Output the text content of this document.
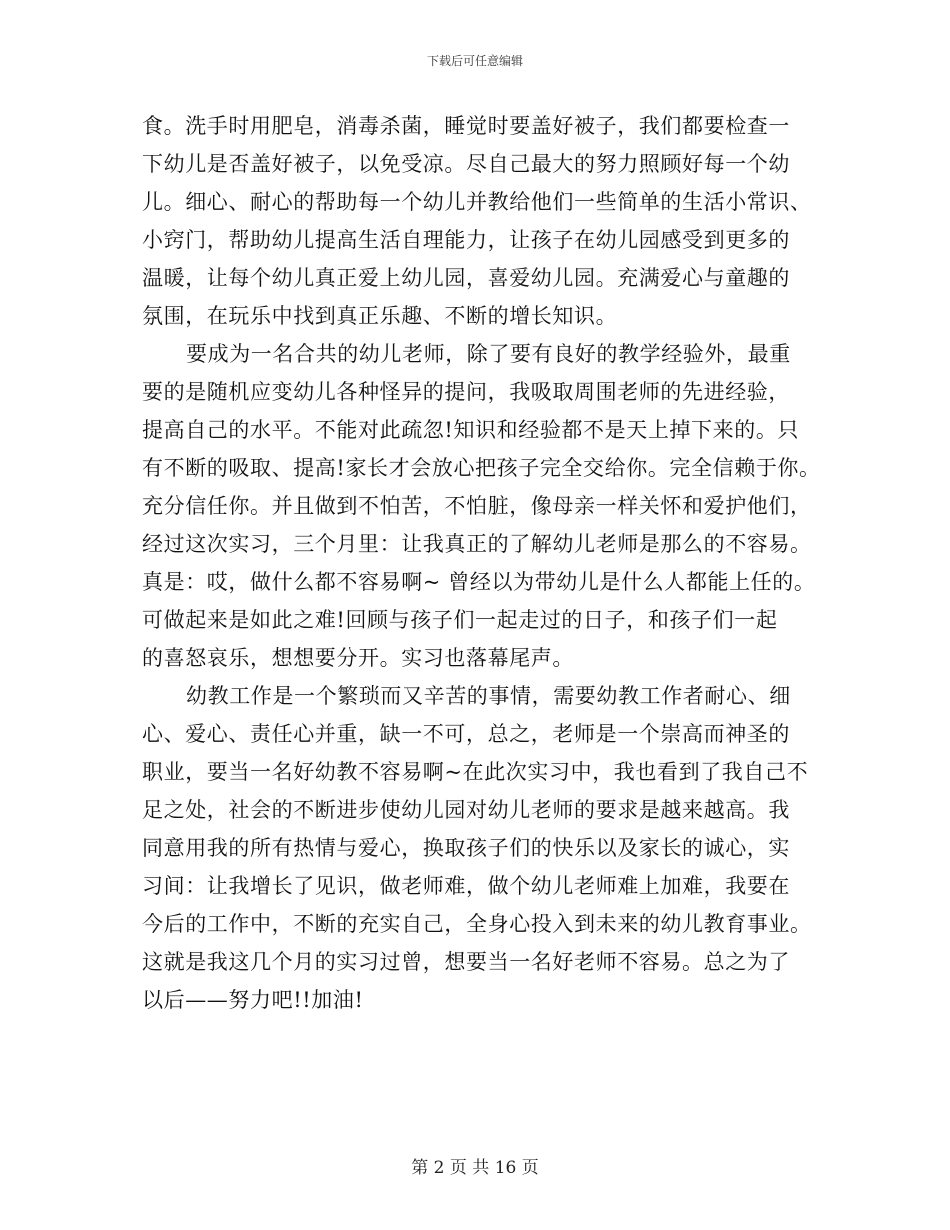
下载后可任意编辑
食。洗手时用肥皂，消毒杀菌，睡觉时要盖好被子，我们都要检查一
下幼儿是否盖好被子，以免受凉。尽自己最大的努力照顾好每一个幼
儿。细心、耐心的帮助每一个幼儿并教给他们一些简单的生活小常识、
小窍门，帮助幼儿提高生活自理能力，让孩子在幼儿园感受到更多的
温暖，让每个幼儿真正爱上幼儿园，喜爱幼儿园。充满爱心与童趣的
氛围，在玩乐中找到真正乐趣、不断的增长知识。
要成为一名合共的幼儿老师，除了要有良好的教学经验外，最重
要的是随机应变幼儿各种怪异的提问，我吸取周围老师的先进经验，
提高自己的水平。不能对此疏忽!知识和经验都不是天上掉下来的。只
有不断的吸取、提高!家长才会放心把孩子完全交给你。完全信赖于你。
充分信任你。并且做到不怕苦，不怕脏，像母亲一样关怀和爱护他们，
经过这次实习，三个月里：让我真正的了解幼儿老师是那么的不容易。
真是：哎，做什么都不容易啊~ 曾经以为带幼儿是什么人都能上任的。
可做起来是如此之难!回顾与孩子们一起走过的日子，和孩子们一起
的喜怒哀乐，想想要分开。实习也落幕尾声。
幼教工作是一个繁琐而又辛苦的事情，需要幼教工作者耐心、细
心、爱心、责任心并重，缺一不可，总之，老师是一个崇高而神圣的
职业，要当一名好幼教不容易啊~在此次实习中，我也看到了我自己不
足之处，社会的不断进步使幼儿园对幼儿老师的要求是越来越高。我
同意用我的所有热情与爱心，换取孩子们的快乐以及家长的诚心，实
习间：让我增长了见识，做老师难，做个幼儿老师难上加难，我要在
今后的工作中，不断的充实自己，全身心投入到未来的幼儿教育事业。
这就是我这几个月的实习过曾，想要当一名好老师不容易。总之为了
以后——努力吧!!加油!
第 2 页 共 16 页
